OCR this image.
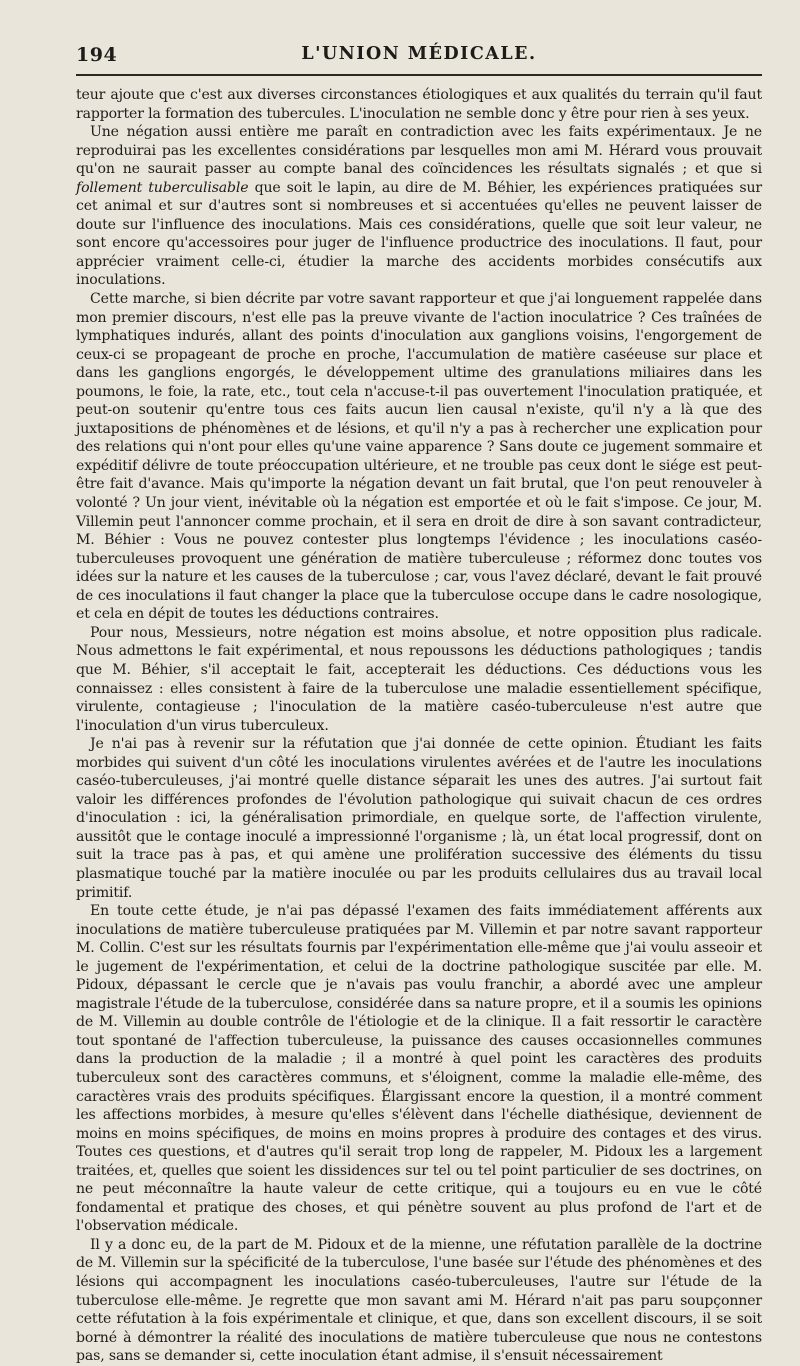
194	L'UNION MÉDICALE.

teur ajoute que c'est aux diverses circonstances étiologiques et aux qualités du terrain qu'il faut rapporter la formation des tubercules. L'inoculation ne semble donc y être pour rien à ses yeux.

Une négation aussi entière me paraît en contradiction avec les faits expérimentaux. Je ne reproduirai pas les excellentes considérations par lesquelles mon ami M. Hérard vous prouvait qu'on ne saurait passer au compte banal des coïncidences les résultats signalés ; et que si follement tuberculisable que soit le lapin, au dire de M. Béhier, les expériences pratiquées sur cet animal et sur d'autres sont si nombreuses et si accentuées qu'elles ne peuvent laisser de doute sur l'influence des inoculations. Mais ces considérations, quelle que soit leur valeur, ne sont encore qu'accessoires pour juger de l'influence productrice des inoculations. Il faut, pour apprécier vraiment celle-ci, étudier la marche des accidents morbides consécutifs aux inoculations.

Cette marche, si bien décrite par votre savant rapporteur et que j'ai longuement rappelée dans mon premier discours, n'est elle pas la preuve vivante de l'action inoculatrice ? Ces traînées de lymphatiques indurés, allant des points d'inoculation aux ganglions voisins, l'engorgement de ceux-ci se propageant de proche en proche, l'accumulation de matière caséeuse sur place et dans les ganglions engorgés, le développement ultime des granulations miliaires dans les poumons, le foie, la rate, etc., tout cela n'accuse-t-il pas ouvertement l'inoculation pratiquée, et peut-on soutenir qu'entre tous ces faits aucun lien causal n'existe, qu'il n'y a là que des juxtapositions de phénomènes et de lésions, et qu'il n'y a pas à rechercher une explication pour des relations qui n'ont pour elles qu'une vaine apparence ? Sans doute ce jugement sommaire et expéditif délivre de toute préoccupation ultérieure, et ne trouble pas ceux dont le siége est peut-être fait d'avance. Mais qu'importe la négation devant un fait brutal, que l'on peut renouveler à volonté ? Un jour vient, inévitable où la négation est emportée et où le fait s'impose. Ce jour, M. Villemin peut l'annoncer comme prochain, et il sera en droit de dire à son savant contradicteur, M. Béhier : Vous ne pouvez contester plus longtemps l'évidence ; les inoculations caséo-tuberculeuses provoquent une génération de matière tuberculeuse ; réformez donc toutes vos idées sur la nature et les causes de la tuberculose ; car, vous l'avez déclaré, devant le fait prouvé de ces inoculations il faut changer la place que la tuberculose occupe dans le cadre nosologique, et cela en dépit de toutes les déductions contraires.

Pour nous, Messieurs, notre négation est moins absolue, et notre opposition plus radicale. Nous admettons le fait expérimental, et nous repoussons les déductions pathologiques ; tandis que M. Béhier, s'il acceptait le fait, accepterait les déductions. Ces déductions vous les connaissez : elles consistent à faire de la tuberculose une maladie essentiellement spécifique, virulente, contagieuse ; l'inoculation de la matière caséo-tuberculeuse n'est autre que l'inoculation d'un virus tuberculeux.

Je n'ai pas à revenir sur la réfutation que j'ai donnée de cette opinion. Étudiant les faits morbides qui suivent d'un côté les inoculations virulentes avérées et de l'autre les inoculations caséo-tuberculeuses, j'ai montré quelle distance séparait les unes des autres. J'ai surtout fait valoir les différences profondes de l'évolution pathologique qui suivait chacun de ces ordres d'inoculation : ici, la généralisation primordiale, en quelque sorte, de l'affection virulente, aussitôt que le contage inoculé a impressionné l'organisme ; là, un état local progressif, dont on suit la trace pas à pas, et qui amène une prolifération successive des éléments du tissu plasmatique touché par la matière inoculée ou par les produits cellulaires dus au travail local primitif.

En toute cette étude, je n'ai pas dépassé l'examen des faits immédiatement afférents aux inoculations de matière tuberculeuse pratiquées par M. Villemin et par notre savant rapporteur M. Collin. C'est sur les résultats fournis par l'expérimentation elle-même que j'ai voulu asseoir et le jugement de l'expérimentation, et celui de la doctrine pathologique suscitée par elle. M. Pidoux, dépassant le cercle que je n'avais pas voulu franchir, a abordé avec une ampleur magistrale l'étude de la tuberculose, considérée dans sa nature propre, et il a soumis les opinions de M. Villemin au double contrôle de l'étiologie et de la clinique. Il a fait ressortir le caractère tout spontané de l'affection tuberculeuse, la puissance des causes occasionnelles communes dans la production de la maladie ; il a montré à quel point les caractères des produits tuberculeux sont des caractères communs, et s'éloignent, comme la maladie elle-même, des caractères vrais des produits spécifiques. Élargissant encore la question, il a montré comment les affections morbides, à mesure qu'elles s'élèvent dans l'échelle diathésique, deviennent de moins en moins spécifiques, de moins en moins propres à produire des contages et des virus. Toutes ces questions, et d'autres qu'il serait trop long de rappeler, M. Pidoux les a largement traitées, et, quelles que soient les dissidences sur tel ou tel point particulier de ses doctrines, on ne peut méconnaître la haute valeur de cette critique, qui a toujours eu en vue le côté fondamental et pratique des choses, et qui pénètre souvent au plus profond de l'art et de l'observation médicale.

Il y a donc eu, de la part de M. Pidoux et de la mienne, une réfutation parallèle de la doctrine de M. Villemin sur la spécificité de la tuberculose, l'une basée sur l'étude des phénomènes et des lésions qui accompagnent les inoculations caséo-tuberculeuses, l'autre sur l'étude de la tuberculose elle-même. Je regrette que mon savant ami M. Hérard n'ait pas paru soupçonner cette réfutation à la fois expérimentale et clinique, et que, dans son excellent discours, il se soit borné à démontrer la réalité des inoculations de matière tuberculeuse que nous ne contestons pas, sans se demander si, cette inoculation étant admise, il s'ensuit nécessairement
